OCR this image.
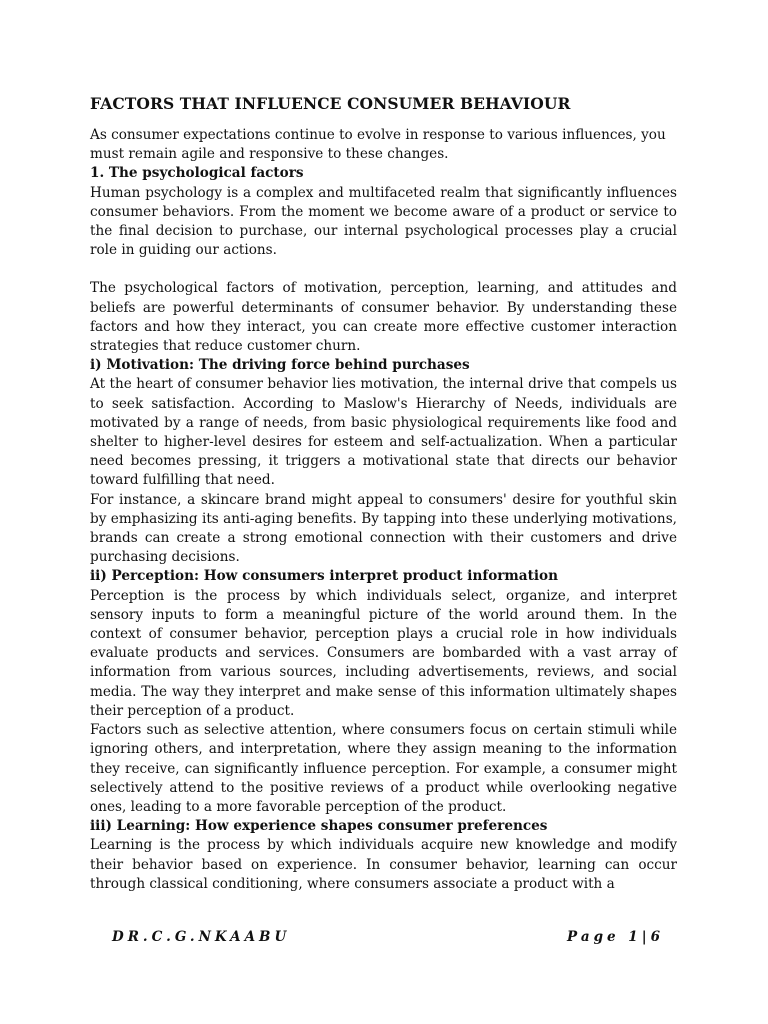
FACTORS THAT INFLUENCE CONSUMER BEHAVIOUR

As consumer expectations continue to evolve in response to various influences, you must remain agile and responsive to these changes.

1. The psychological factors

Human psychology is a complex and multifaceted realm that significantly influences consumer behaviors. From the moment we become aware of a product or service to the final decision to purchase, our internal psychological processes play a crucial role in guiding our actions.

The psychological factors of motivation, perception, learning, and attitudes and beliefs are powerful determinants of consumer behavior. By understanding these factors and how they interact, you can create more effective customer interaction strategies that reduce customer churn.

i) Motivation: The driving force behind purchases

At the heart of consumer behavior lies motivation, the internal drive that compels us to seek satisfaction. According to Maslow's Hierarchy of Needs, individuals are motivated by a range of needs, from basic physiological requirements like food and shelter to higher-level desires for esteem and self-actualization. When a particular need becomes pressing, it triggers a motivational state that directs our behavior toward fulfilling that need.

For instance, a skincare brand might appeal to consumers' desire for youthful skin by emphasizing its anti-aging benefits. By tapping into these underlying motivations, brands can create a strong emotional connection with their customers and drive purchasing decisions.

ii) Perception: How consumers interpret product information

Perception is the process by which individuals select, organize, and interpret sensory inputs to form a meaningful picture of the world around them. In the context of consumer behavior, perception plays a crucial role in how individuals evaluate products and services. Consumers are bombarded with a vast array of information from various sources, including advertisements, reviews, and social media. The way they interpret and make sense of this information ultimately shapes their perception of a product.

Factors such as selective attention, where consumers focus on certain stimuli while ignoring others, and interpretation, where they assign meaning to the information they receive, can significantly influence perception. For example, a consumer might selectively attend to the positive reviews of a product while overlooking negative ones, leading to a more favorable perception of the product.

iii) Learning: How experience shapes consumer preferences

Learning is the process by which individuals acquire new knowledge and modify their behavior based on experience. In consumer behavior, learning can occur through classical conditioning, where consumers associate a product with a

DR.C.G.NKAABU	Page 1|6
